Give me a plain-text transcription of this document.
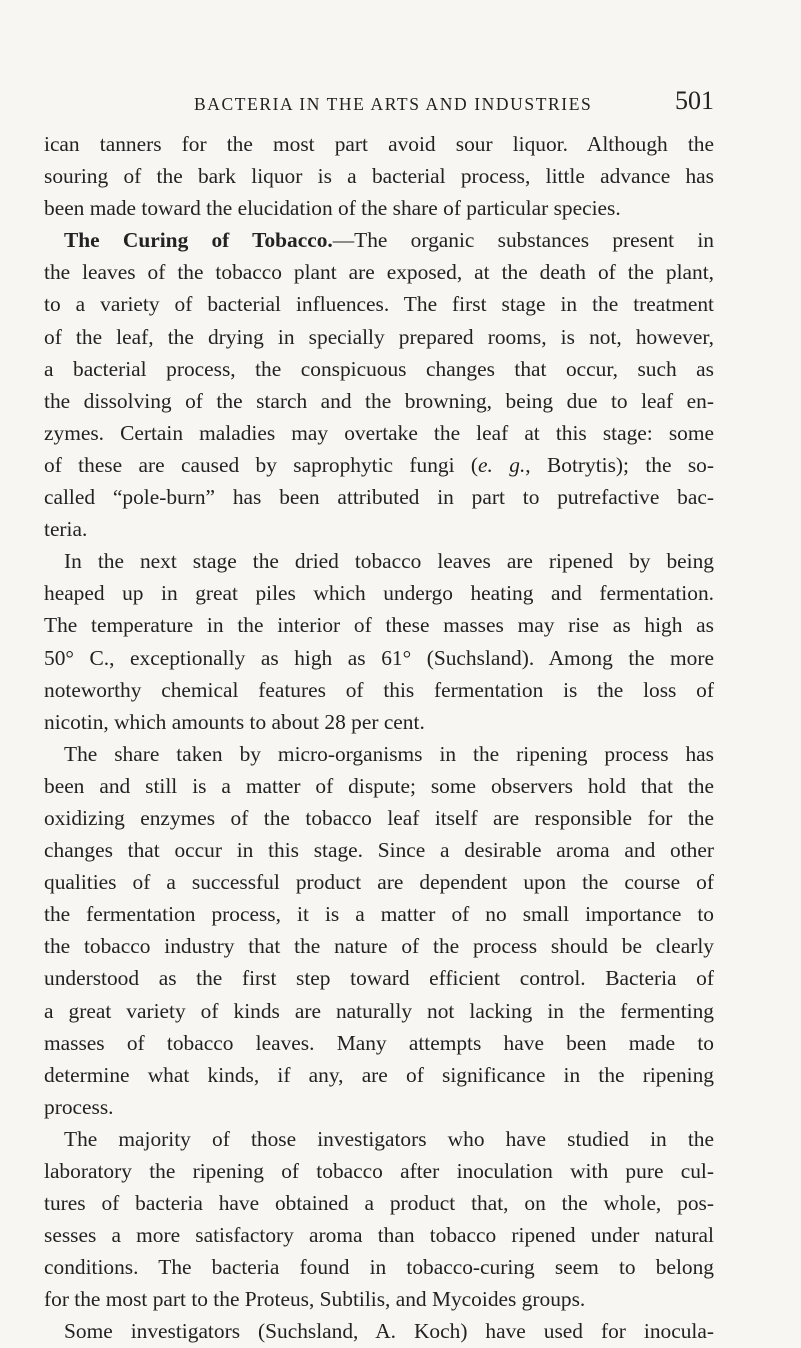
BACTERIA IN THE ARTS AND INDUSTRIES	501
ican tanners for the most part avoid sour liquor. Although the
souring of the bark liquor is a bacterial process, little advance has
been made toward the elucidation of the share of particular species.
The Curing of Tobacco.—The organic substances present in
the leaves of the tobacco plant are exposed, at the death of the plant,
to a variety of bacterial influences. The first stage in the treatment
of the leaf, the drying in specially prepared rooms, is not, however,
a bacterial process, the conspicuous changes that occur, such as
the dissolving of the starch and the browning, being due to leaf en-
zymes. Certain maladies may overtake the leaf at this stage: some
of these are caused by saprophytic fungi (e. g., Botrytis); the so-
called “pole-burn” has been attributed in part to putrefactive bac-
teria.
In the next stage the dried tobacco leaves are ripened by being
heaped up in great piles which undergo heating and fermentation.
The temperature in the interior of these masses may rise as high as
50° C., exceptionally as high as 61° (Suchsland). Among the more
noteworthy chemical features of this fermentation is the loss of
nicotin, which amounts to about 28 per cent.
The share taken by micro-organisms in the ripening process has
been and still is a matter of dispute; some observers hold that the
oxidizing enzymes of the tobacco leaf itself are responsible for the
changes that occur in this stage. Since a desirable aroma and other
qualities of a successful product are dependent upon the course of
the fermentation process, it is a matter of no small importance to
the tobacco industry that the nature of the process should be clearly
understood as the first step toward efficient control. Bacteria of
a great variety of kinds are naturally not lacking in the fermenting
masses of tobacco leaves. Many attempts have been made to
determine what kinds, if any, are of significance in the ripening
process.
The majority of those investigators who have studied in the
laboratory the ripening of tobacco after inoculation with pure cul-
tures of bacteria have obtained a product that, on the whole, pos-
sesses a more satisfactory aroma than tobacco ripened under natural
conditions. The bacteria found in tobacco-curing seem to belong
for the most part to the Proteus, Subtilis, and Mycoides groups.
Some investigators (Suchsland, A. Koch) have used for inocula-
